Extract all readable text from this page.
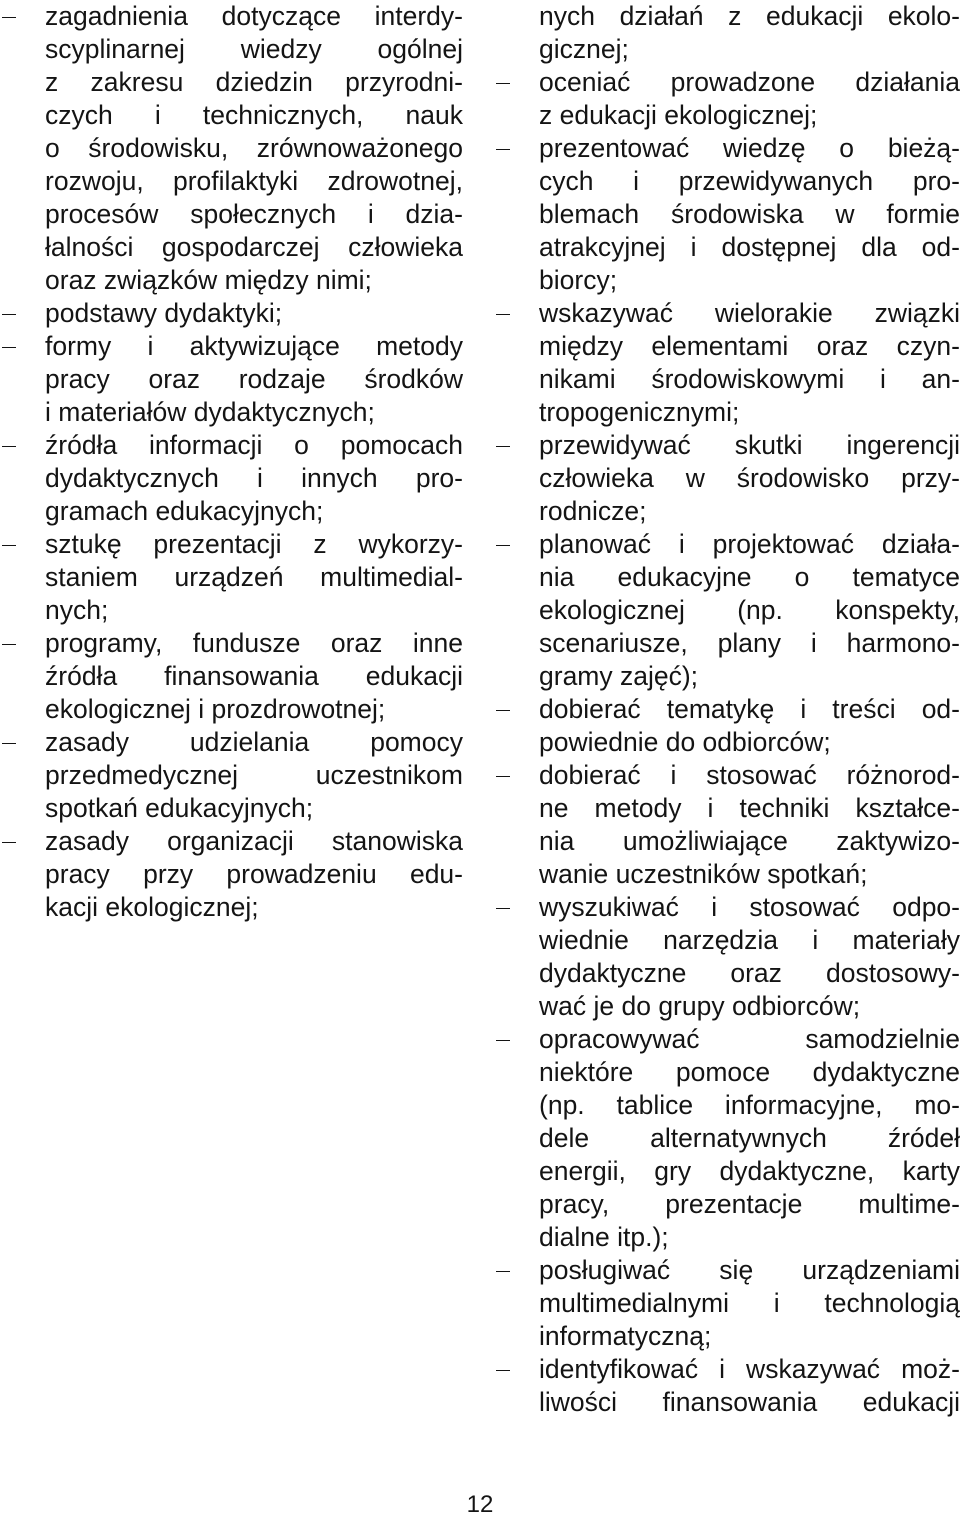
zagadnienia dotyczące interdy-
scyplinarnej wiedzy ogólnej
z zakresu dziedzin przyrodni-
czych i technicznych, nauk
o środowisku, zrównoważonego
rozwoju, profilaktyki zdrowotnej,
procesów społecznych i dzia-
łalności gospodarczej człowieka
oraz związków między nimi;
podstawy dydaktyki;
formy i aktywizujące metody
pracy oraz rodzaje środków
i materiałów dydaktycznych;
źródła informacji o pomocach
dydaktycznych i innych pro-
gramach edukacyjnych;
sztukę prezentacji z wykorzy-
staniem urządzeń multimedial-
nych;
programy, fundusze oraz inne
źródła finansowania edukacji
ekologicznej i prozdrowotnej;
zasady udzielania pomocy
przedmedycznej uczestnikom
spotkań edukacyjnych;
zasady organizacji stanowiska
pracy przy prowadzeniu edu-
kacji ekologicznej;
nych działań z edukacji ekolo-
gicznej;
oceniać prowadzone działania
z edukacji ekologicznej;
prezentować wiedzę o bieżą-
cych i przewidywanych pro-
blemach środowiska w formie
atrakcyjnej i dostępnej dla od-
biorcy;
wskazywać wielorakie związki
między elementami oraz czyn-
nikami środowiskowymi i an-
tropogenicznymi;
przewidywać skutki ingerencji
człowieka w środowisko przy-
rodnicze;
planować i projektować działa-
nia edukacyjne o tematyce
ekologicznej (np. konspekty,
scenariusze, plany i harmono-
gramy zajęć);
dobierać tematykę i treści od-
powiednie do odbiorców;
dobierać i stosować różnorod-
ne metody i techniki kształce-
nia umożliwiające zaktywizo-
wanie uczestników spotkań;
wyszukiwać i stosować odpo-
wiednie narzędzia i materiały
dydaktyczne oraz dostosowy-
wać je do grupy odbiorców;
opracowywać samodzielnie
niektóre pomoce dydaktyczne
(np. tablice informacyjne, mo-
dele alternatywnych źródeł
energii, gry dydaktyczne, karty
pracy, prezentacje multime-
dialne itp.);
posługiwać się urządzeniami
multimedialnymi i technologią
informatyczną;
identyfikować i wskazywać moż-
liwości finansowania edukacji
12
